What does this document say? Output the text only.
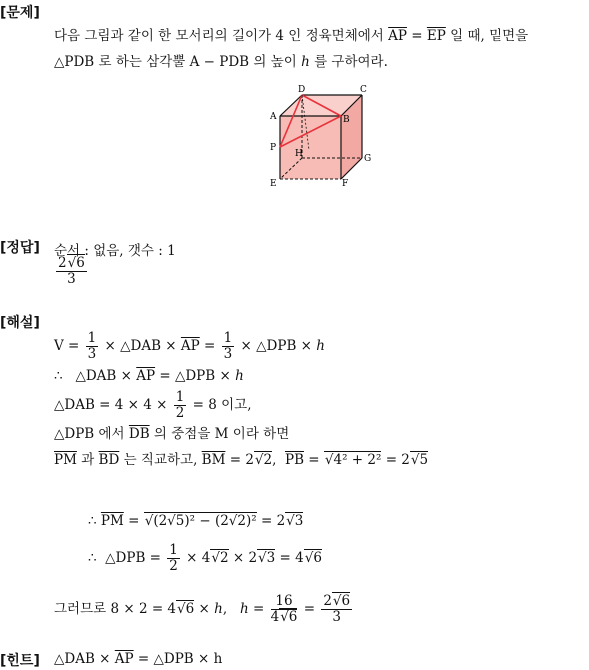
[문제]
[정답]
[해설]
[힌트]
다음 그림과 같이 한 모서리의 길이가 4 인 정육면체에서 $\overline{AP} = \overline{EP}$ 일 때, 밑면을
△PDB 로 하는 삼각뿔 A − PDB 의 높이 h 를 구하여라.
D	C
A	B
P
H	G
E	F
순서 : 없음, 갯수 : 1
$\frac{2√6}{3}$
$V = \frac{1}{3}$ × △DAB × $\overline{AP} = \frac{1}{3}$ × △DPB × h
∴   △DAB × $\overline{AP}$ = △DPB × h
△DAB = $4 \times 4 \times \frac{1}{2} = 8$ 이고,
△DPB 에서 $\overline{DB}$ 의 중점을 M 이라 하면
$\overline{PM}$ 과 $\overline{BD}$ 는 직교하고, $\overline{BM} = 2√2$,  $\overline{PB} = √4^2 + 2^2 = 2√5$
∴ $\overline{PM} = √(2√5)^2 - (2√2)^2 = 2√3$
∴  △DPB = $\frac{1}{2} \times 4√2 \times 2√3 = 4√6$
그러므로 8 × 2 = 4√6 × h,   $h = \frac{16}{4√6} = \frac{2√6}{3}$
△DAB × $\overline{AP}$ = △DPB × h
